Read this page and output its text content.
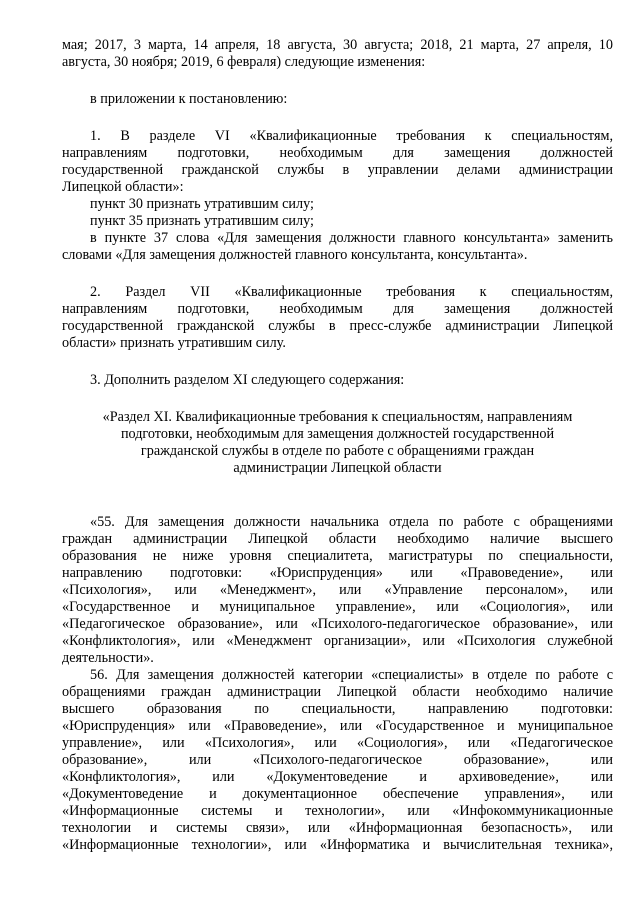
мая; 2017, 3 марта, 14 апреля, 18 августа, 30 августа; 2018, 21 марта, 27 апреля, 10

августа, 30 ноября; 2019, 6 февраля) следующие изменения:

в приложении к постановлению:

1. В разделе VI «Квалификационные требования к специальностям,

направлениям подготовки, необходимым для замещения должностей

государственной гражданской службы в управлении делами администрации

Липецкой области»:

пункт 30 признать утратившим силу;

пункт 35 признать утратившим силу;

в пункте 37 слова «Для замещения должности главного консультанта» заменить

словами «Для замещения должностей главного консультанта, консультанта».

2. Раздел VII «Квалификационные требования к специальностям,

направлениям подготовки, необходимым для замещения должностей

государственной гражданской службы в пресс-службе администрации Липецкой

области» признать утратившим силу.

3. Дополнить разделом XI следующего содержания:

«Раздел XI. Квалификационные требования к специальностям, направлениям

подготовки, необходимым для замещения должностей государственной

гражданской службы в отделе по работе с обращениями граждан

администрации Липецкой области

«55. Для замещения должности начальника отдела по работе с обращениями

граждан администрации Липецкой области необходимо наличие высшего

образования не ниже уровня специалитета, магистратуры по специальности,

направлению подготовки: «Юриспруденция» или «Правоведение», или

«Психология», или «Менеджмент», или «Управление персоналом», или

«Государственное и муниципальное управление», или «Социология», или

«Педагогическое образование», или «Психолого-педагогическое образование», или

«Конфликтология», или «Менеджмент организации», или «Психология служебной

деятельности».

56. Для замещения должностей категории «специалисты» в отделе по работе с

обращениями граждан администрации Липецкой области необходимо наличие

высшего образования по специальности, направлению подготовки:

«Юриспруденция» или «Правоведение», или «Государственное и муниципальное

управление», или «Психология», или «Социология», или «Педагогическое

образование», или «Психолого-педагогическое образование», или

«Конфликтология», или «Документоведение и архивоведение», или

«Документоведение и документационное обеспечение управления», или

«Информационные системы и технологии», или «Инфокоммуникационные

технологии и системы связи», или «Информационная безопасность», или

«Информационные технологии», или «Информатика и вычислительная техника»,
